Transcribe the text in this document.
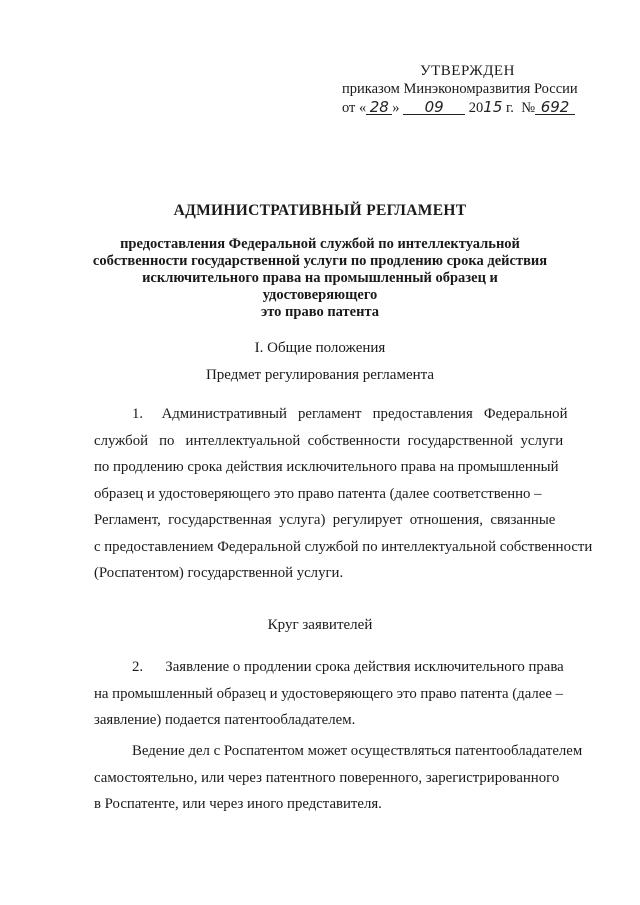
УТВЕРЖДЕН
приказом Минэкономразвития России
от « 28 » 09 2015 г. № 692
АДМИНИСТРАТИВНЫЙ РЕГЛАМЕНТ
предоставления Федеральной службой по интеллектуальной
собственности государственной услуги по продлению срока действия
исключительного права на промышленный образец и удостоверяющего
это право патента
I. Общие положения
Предмет регулирования регламента
1.     Административный   регламент   предоставления   Федеральной
службой   по   интеллектуальной  собственности  государственной  услуги
по продлению срока действия исключительного права на промышленный
образец и удостоверяющего это право патента (далее соответственно –
Регламент,  государственная  услуга)  регулирует  отношения,  связанные
с предоставлением Федеральной службой по интеллектуальной собственности
(Роспатентом) государственной услуги.
Круг заявителей
2.      Заявление о продлении срока действия исключительного права
на промышленный образец и удостоверяющего это право патента (далее –
заявление) подается патентообладателем.
Ведение дел с Роспатентом может осуществляться патентообладателем
самостоятельно, или через патентного поверенного, зарегистрированного
в Роспатенте, или через иного представителя.
